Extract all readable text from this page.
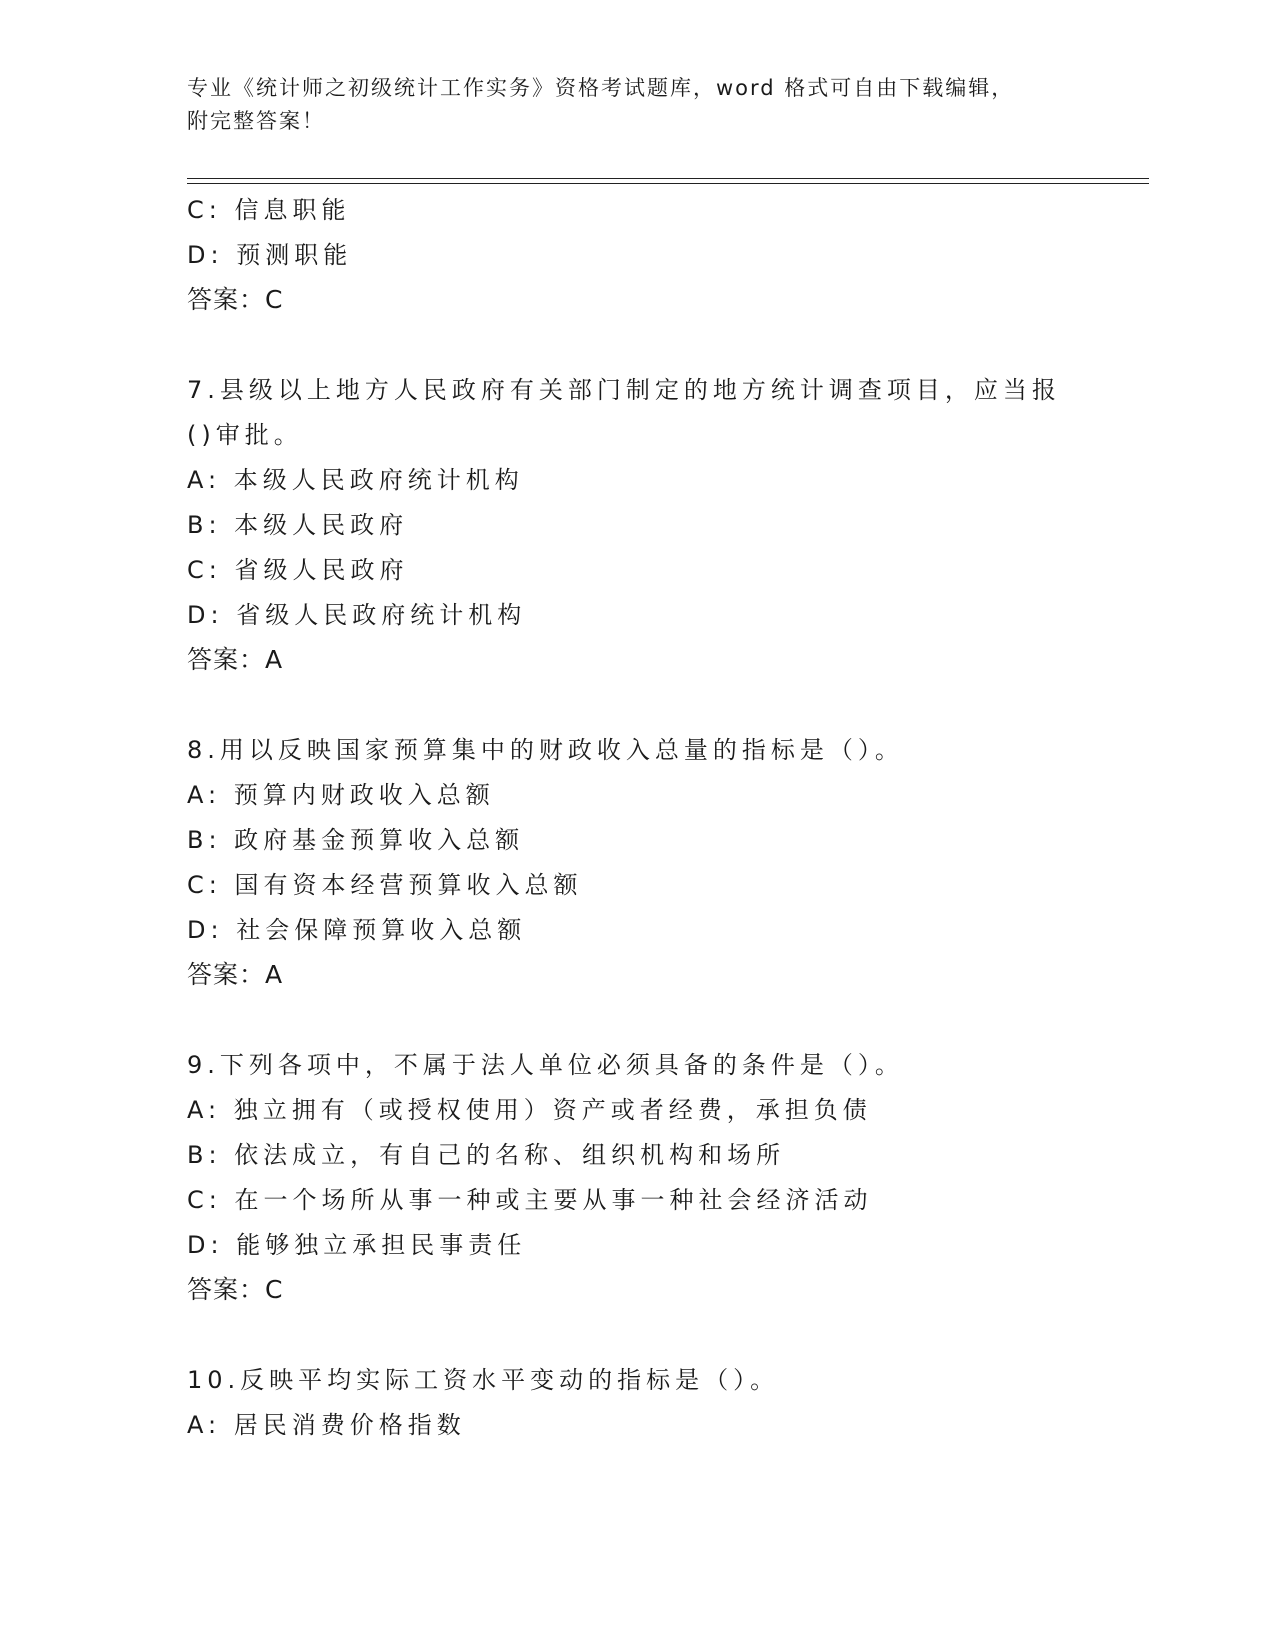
专业《统计师之初级统计工作实务》资格考试题库，word 格式可自由下载编辑，
附完整答案！
C: 信息职能
D: 预测职能
答案：C
7.县级以上地方人民政府有关部门制定的地方统计调查项目，应当报
()审批。
A: 本级人民政府统计机构
B: 本级人民政府
C: 省级人民政府
D: 省级人民政府统计机构
答案：A
8.用以反映国家预算集中的财政收入总量的指标是（）。
A: 预算内财政收入总额
B: 政府基金预算收入总额
C: 国有资本经营预算收入总额
D: 社会保障预算收入总额
答案：A
9.下列各项中，不属于法人单位必须具备的条件是（）。
A: 独立拥有（或授权使用）资产或者经费，承担负债
B: 依法成立，有自己的名称、组织机构和场所
C: 在一个场所从事一种或主要从事一种社会经济活动
D: 能够独立承担民事责任
答案：C
10.反映平均实际工资水平变动的指标是（）。
A: 居民消费价格指数
